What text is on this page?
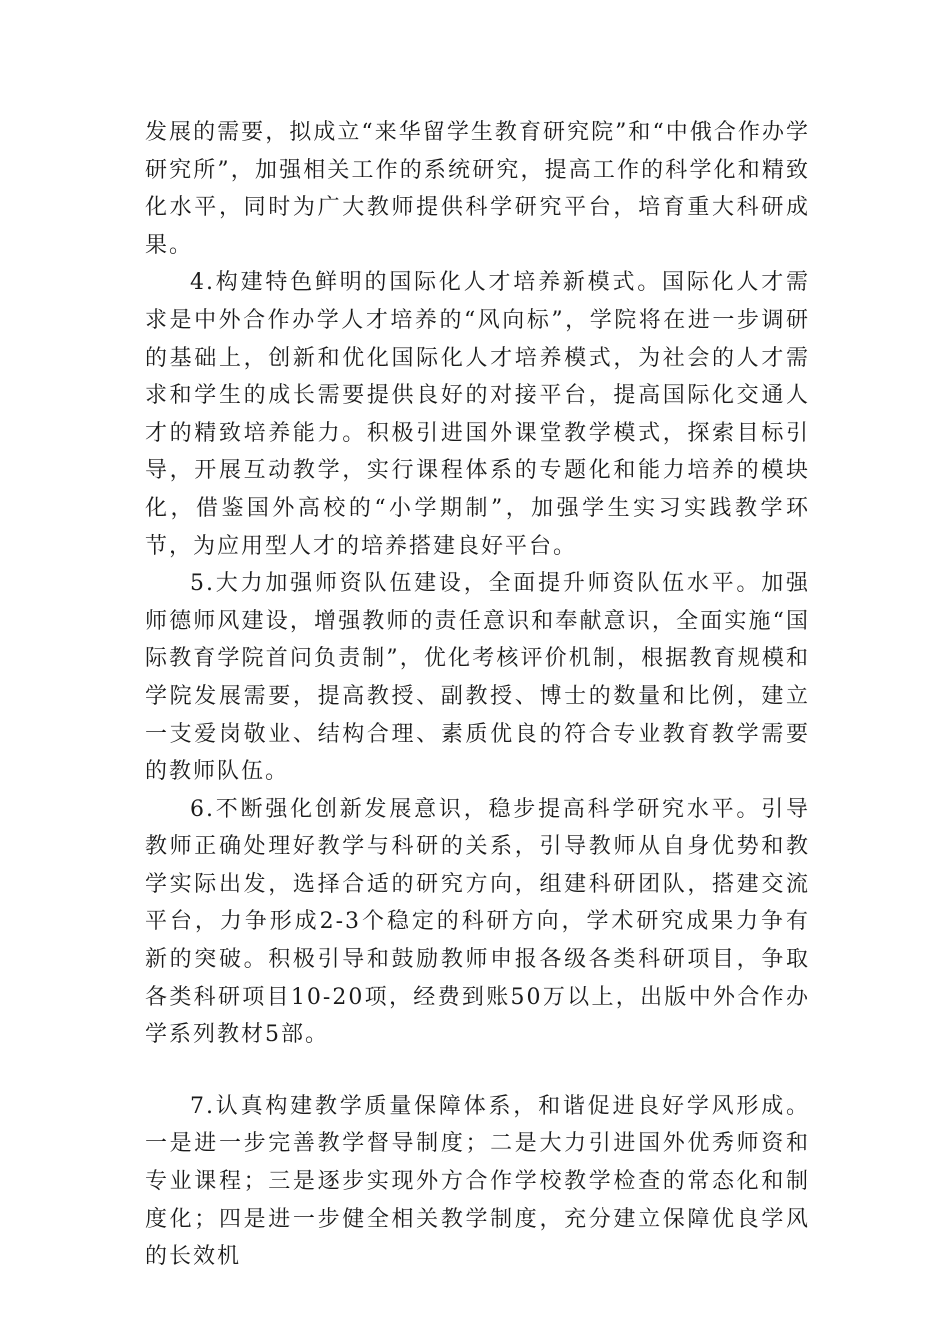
发展的需要，拟成立“来华留学生教育研究院”和“中俄合作办学研究所”，加强相关工作的系统研究，提高工作的科学化和精致化水平，同时为广大教师提供科学研究平台，培育重大科研成果。

4.构建特色鲜明的国际化人才培养新模式。国际化人才需求是中外合作办学人才培养的“风向标”，学院将在进一步调研的基础上，创新和优化国际化人才培养模式，为社会的人才需求和学生的成长需要提供良好的对接平台，提高国际化交通人才的精致培养能力。积极引进国外课堂教学模式，探索目标引导，开展互动教学，实行课程体系的专题化和能力培养的模块化，借鉴国外高校的“小学期制”，加强学生实习实践教学环节，为应用型人才的培养搭建良好平台。

5.大力加强师资队伍建设，全面提升师资队伍水平。加强师德师风建设，增强教师的责任意识和奉献意识，全面实施“国际教育学院首问负责制”，优化考核评价机制，根据教育规模和学院发展需要，提高教授、副教授、博士的数量和比例，建立一支爱岗敬业、结构合理、素质优良的符合专业教育教学需要的教师队伍。

6.不断强化创新发展意识，稳步提高科学研究水平。引导教师正确处理好教学与科研的关系，引导教师从自身优势和教学实际出发，选择合适的研究方向，组建科研团队，搭建交流平台，力争形成2-3个稳定的科研方向，学术研究成果力争有新的突破。积极引导和鼓励教师申报各级各类科研项目，争取各类科研项目10-20项，经费到账50万以上，出版中外合作办学系列教材5部。

7.认真构建教学质量保障体系，和谐促进良好学风形成。一是进一步完善教学督导制度；二是大力引进国外优秀师资和专业课程；三是逐步实现外方合作学校教学检查的常态化和制度化；四是进一步健全相关教学制度，充分建立保障优良学风的长效机
